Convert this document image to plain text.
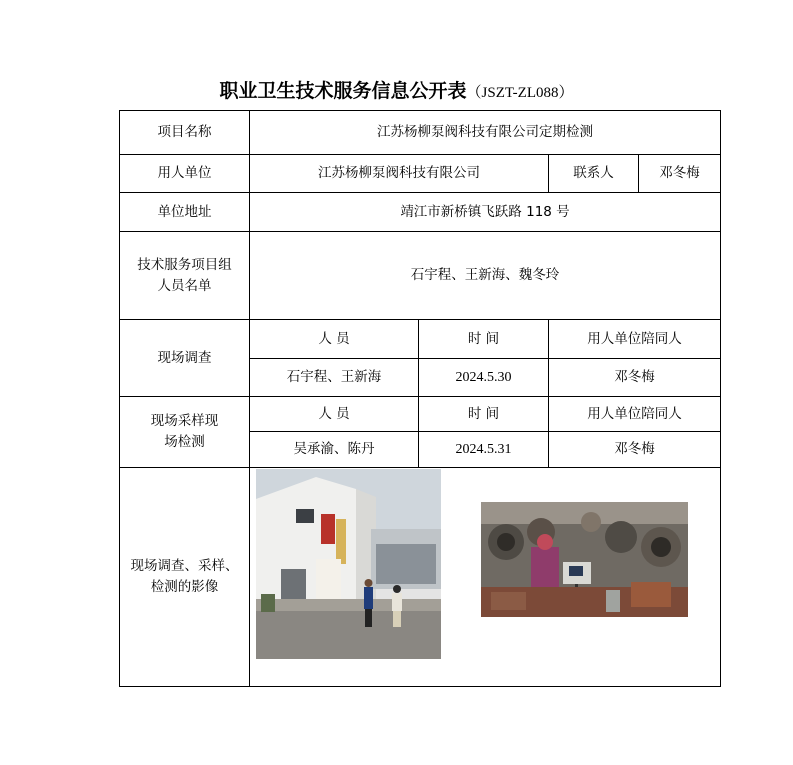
职业卫生技术服务信息公开表（JSZT-ZL088）
项目名称	江苏杨柳泵阀科技有限公司定期检测			
用人单位	江苏杨柳泵阀科技有限公司		联系人	邓冬梅
单位地址	靖江市新桥镇飞跃路 118 号			
技术服务项目组人员名单	石宇程、王新海、魏冬玲			
现场调查	人 员	时 间	用人单位陪同人	
	石宇程、王新海	2024.5.30	邓冬梅	
现场采样现场检测	人 员	时 间	用人单位陪同人	
	吴承渝、陈丹	2024.5.31	邓冬梅	
现场调查、采样、检测的影像	
